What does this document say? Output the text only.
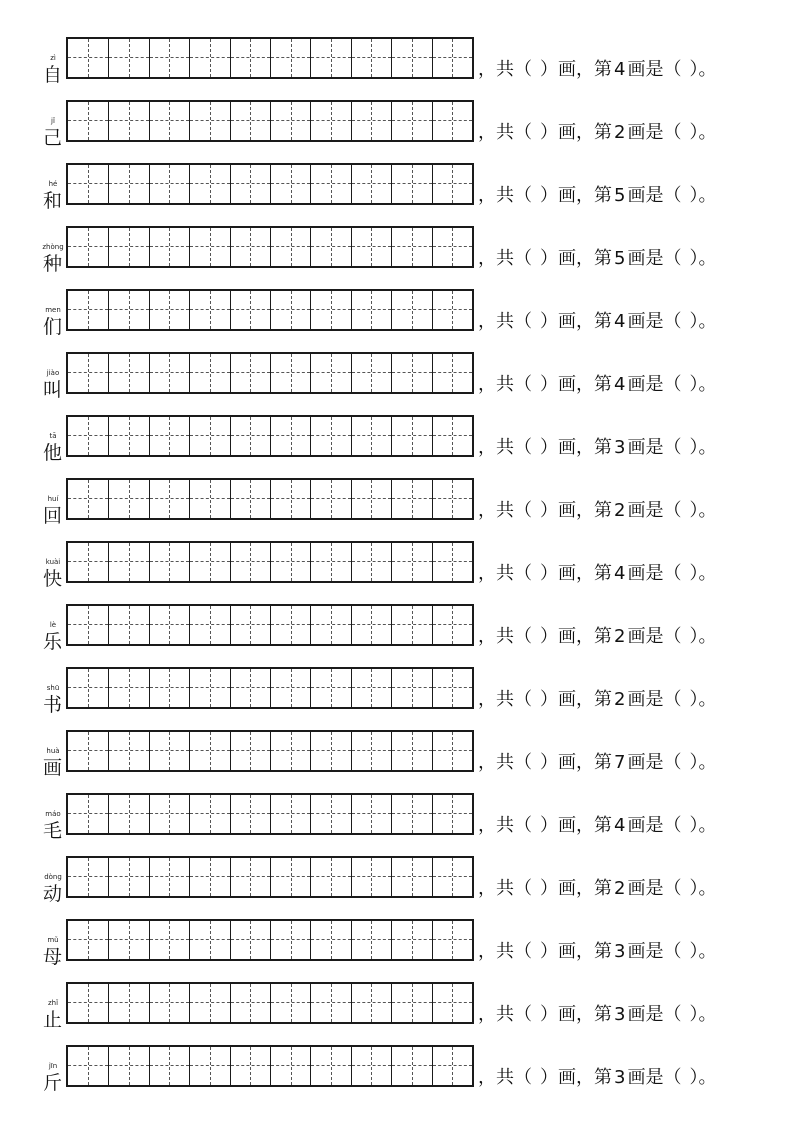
zì
自	，共（ ）画，第 4 画是（ ）。
jǐ
己	，共（ ）画，第 2 画是（ ）。
hé
和	，共（ ）画，第 5 画是（ ）。
zhòng
种	，共（ ）画，第 5 画是（ ）。
men
们	，共（ ）画，第 4 画是（ ）。
jiào
叫	，共（ ）画，第 4 画是（ ）。
tā
他	，共（ ）画，第 3 画是（ ）。
huí
回	，共（ ）画，第 2 画是（ ）。
kuài
快	，共（ ）画，第 4 画是（ ）。
lè
乐	，共（ ）画，第 2 画是（ ）。
shū
书	，共（ ）画，第 2 画是（ ）。
huà
画	，共（ ）画，第 7 画是（ ）。
máo
毛	，共（ ）画，第 4 画是（ ）。
dòng
动	，共（ ）画，第 2 画是（ ）。
mǔ
母	，共（ ）画，第 3 画是（ ）。
zhǐ
止	，共（ ）画，第 3 画是（ ）。
jīn
斤	，共（ ）画，第 3 画是（ ）。
